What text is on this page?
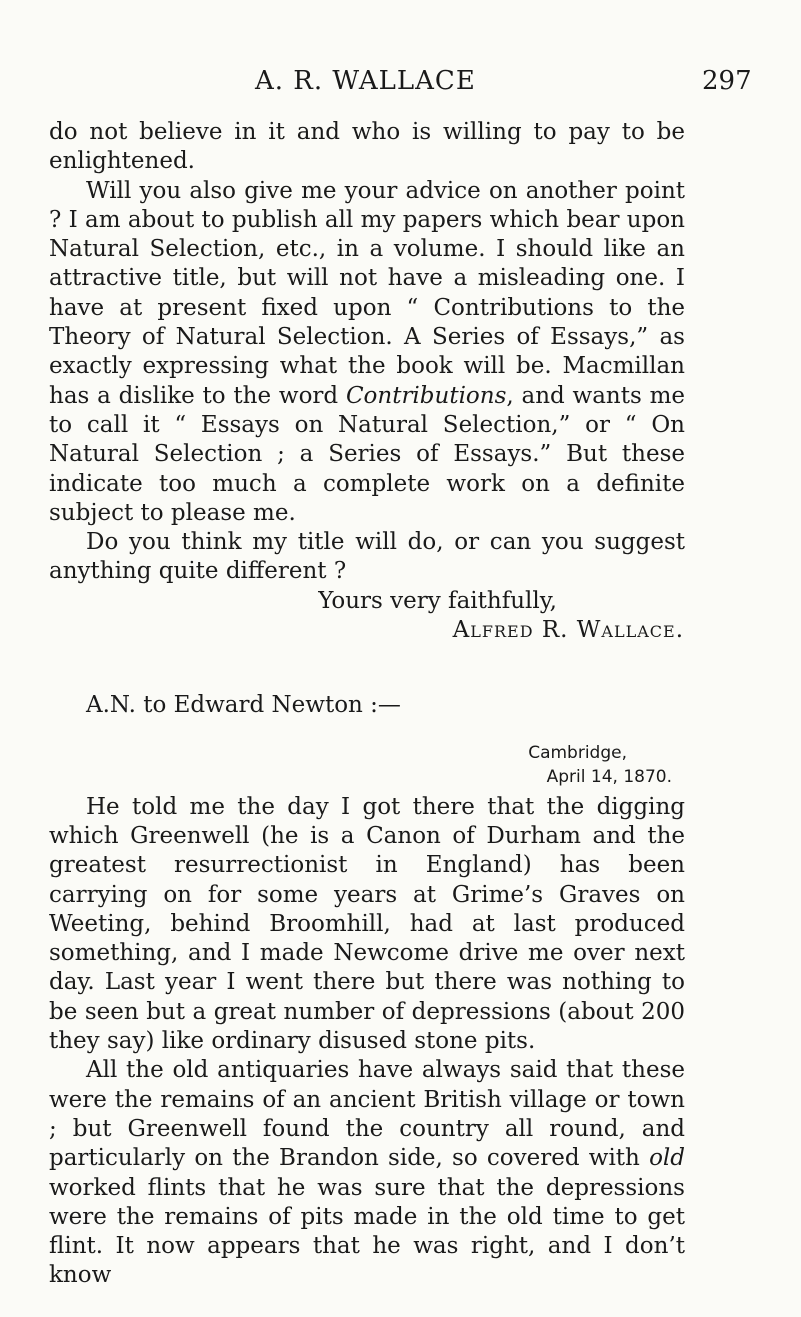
A. R. WALLACE	297

do not believe in it and who is willing to pay to be enlightened.

Will you also give me your advice on another point ? I am about to publish all my papers which bear upon Natural Selection, etc., in a volume. I should like an attractive title, but will not have a misleading one. I have at present fixed upon “ Contributions to the Theory of Natural Selection. A Series of Essays,” as exactly expressing what the book will be. Macmillan has a dislike to the word Contributions, and wants me to call it “ Essays on Natural Selection,” or “ On Natural Selection ; a Series of Essays.” But these indicate too much a complete work on a definite subject to please me.

Do you think my title will do, or can you suggest anything quite different ?

Yours very faithfully,

Alfred R. Wallace.

A.N. to Edward Newton :—

Cambridge,
April 14, 1870.

He told me the day I got there that the digging which Greenwell (he is a Canon of Durham and the greatest resurrectionist in England) has been carrying on for some years at Grime’s Graves on Weeting, behind Broomhill, had at last produced something, and I made Newcome drive me over next day. Last year I went there but there was nothing to be seen but a great number of depressions (about 200 they say) like ordinary disused stone pits.

All the old antiquaries have always said that these were the remains of an ancient British village or town ; but Greenwell found the country all round, and particularly on the Brandon side, so covered with old worked flints that he was sure that the depressions were the remains of pits made in the old time to get flint. It now appears that he was right, and I don’t know
